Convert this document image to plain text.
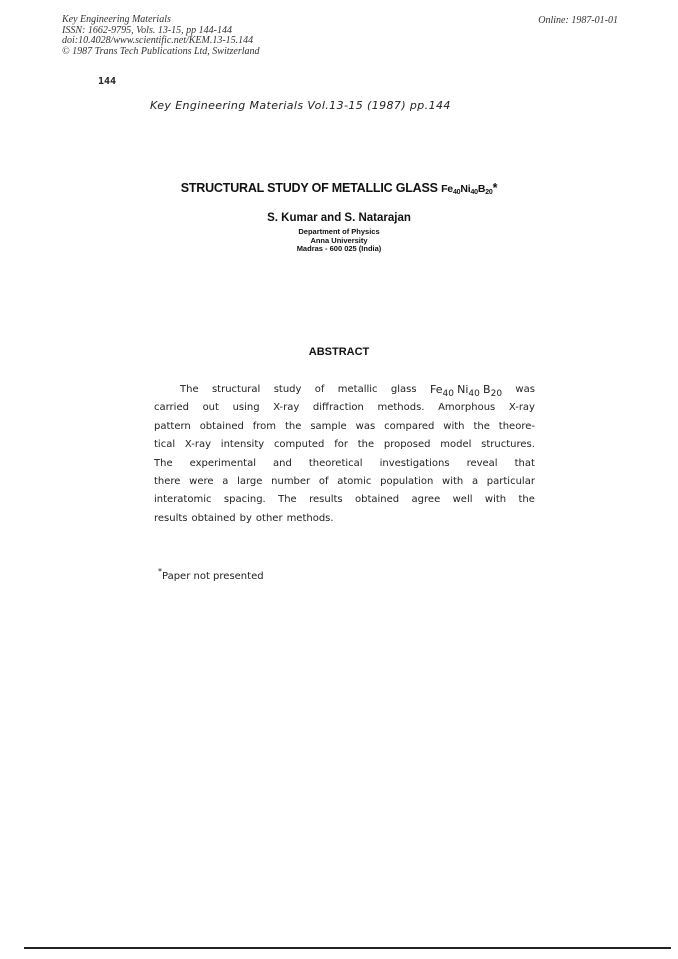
Key Engineering Materials
ISSN: 1662-9795, Vols. 13-15, pp 144-144
doi:10.4028/www.scientific.net/KEM.13-15.144
© 1987 Trans Tech Publications Ltd, Switzerland
Online: 1987-01-01
144
Key Engineering Materials Vol.13-15 (1987) pp.144
STRUCTURAL STUDY OF METALLIC GLASS $Fe_{40}Ni_{40}B_{20}*$
S. Kumar and S. Natarajan
Department of Physics
Anna University
Madras - 600 025 (India)
ABSTRACT
The structural study of metallic glass Fe40 Ni40 B20 was
carried out using X-ray diffraction methods. Amorphous X-ray
pattern obtained from the sample was compared with the theore-
tical X-ray intensity computed for the proposed model structures.
The experimental and theoretical investigations reveal that
there were a large number of atomic population with a particular
interatomic spacing. The results obtained agree well with the
results obtained by other methods.
*Paper not presented
